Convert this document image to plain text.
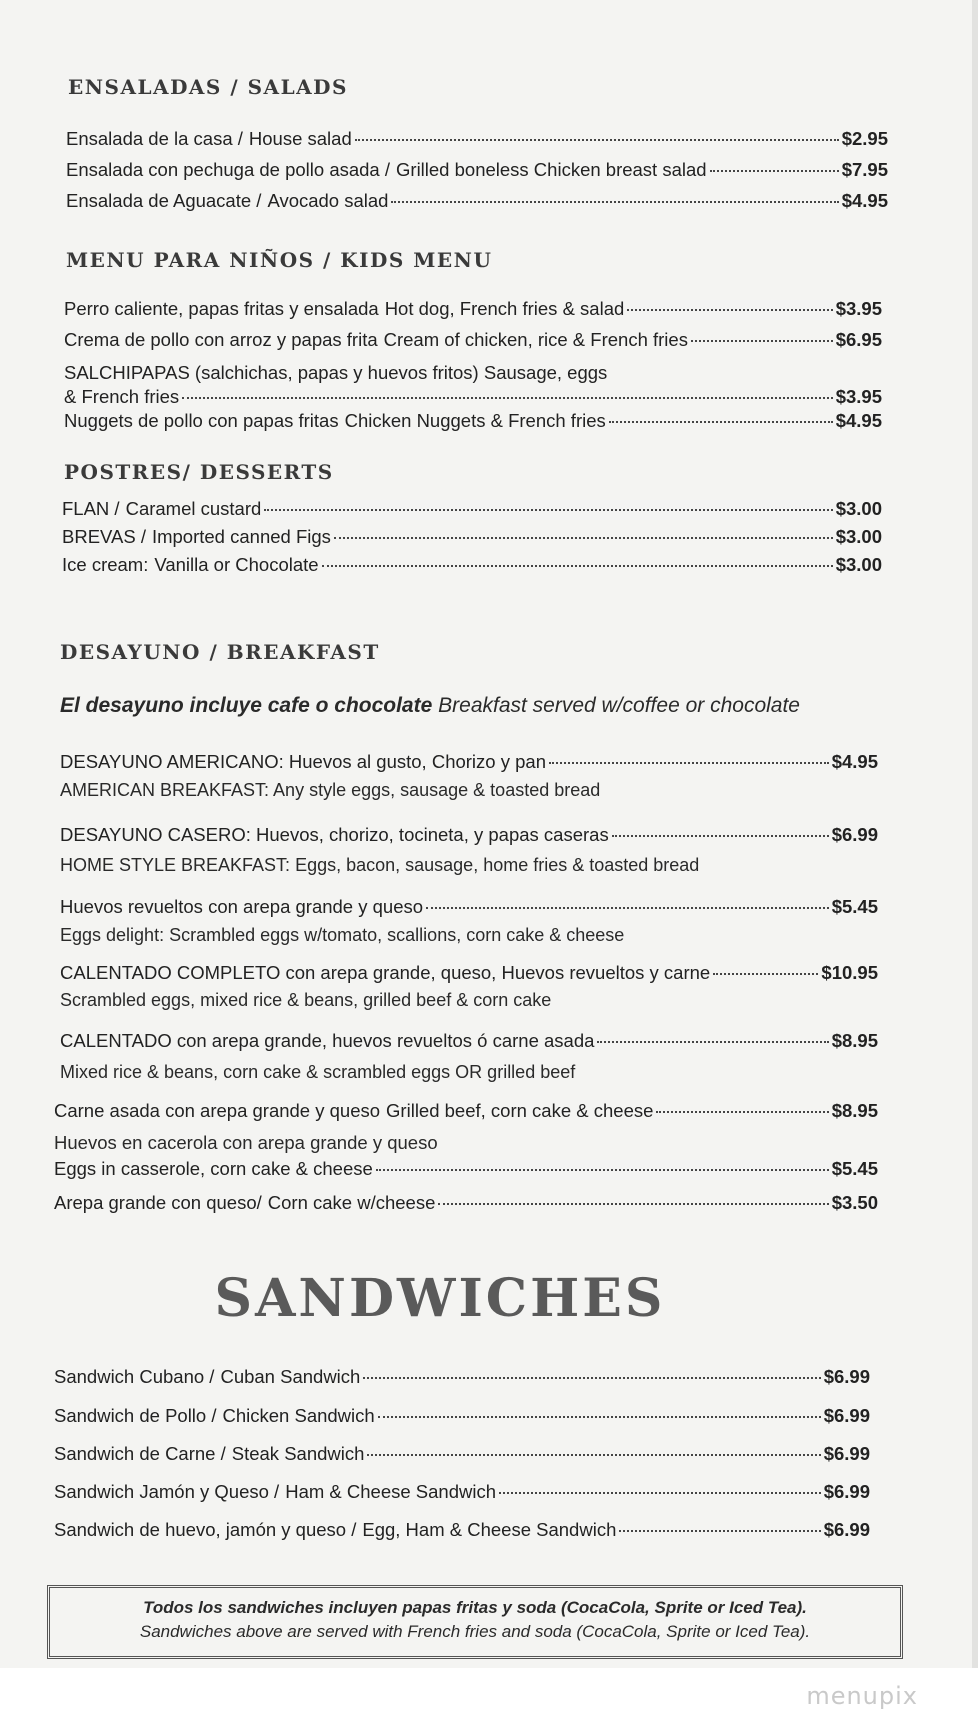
ENSALADAS / SALADS
Ensalada de la casa / House salad	$2.95
Ensalada con pechuga de pollo asada / Grilled boneless Chicken breast salad	$7.95
Ensalada de Aguacate / Avocado salad	$4.95
MENU PARA NIÑOS / KIDS MENU
Perro caliente, papas fritas y ensalada Hot dog, French fries & salad	$3.95
Crema de pollo con arroz y papas frita Cream of chicken, rice & French fries	$6.95
SALCHIPAPAS (salchichas, papas y huevos fritos) Sausage, eggs
& French fries	$3.95
Nuggets de pollo con papas fritas Chicken Nuggets & French fries	$4.95
POSTRES/ DESSERTS
FLAN / Caramel custard	$3.00
BREVAS / Imported canned Figs	$3.00
Ice cream: Vanilla or Chocolate	$3.00
DESAYUNO / BREAKFAST
El desayuno incluye cafe o chocolate Breakfast served w/coffee or chocolate
DESAYUNO AMERICANO: Huevos al gusto, Chorizo y pan	$4.95
AMERICAN BREAKFAST: Any style eggs, sausage & toasted bread
DESAYUNO CASERO: Huevos, chorizo, tocineta, y papas caseras	$6.99
HOME STYLE BREAKFAST: Eggs, bacon, sausage, home fries & toasted bread
Huevos revueltos con arepa grande y queso	$5.45
Eggs delight: Scrambled eggs w/tomato, scallions, corn cake & cheese
CALENTADO COMPLETO con arepa grande, queso, Huevos revueltos y carne	$10.95
Scrambled eggs, mixed rice & beans, grilled beef & corn cake
CALENTADO con arepa grande, huevos revueltos ó carne asada	$8.95
Mixed rice & beans, corn cake & scrambled eggs OR grilled beef
Carne asada con arepa grande y queso Grilled beef, corn cake & cheese	$8.95
Huevos en cacerola con arepa grande y queso
Eggs in casserole, corn cake & cheese	$5.45
Arepa grande con queso/ Corn cake w/cheese	$3.50
SANDWICHES
Sandwich Cubano / Cuban Sandwich	$6.99
Sandwich de Pollo / Chicken Sandwich	$6.99
Sandwich de Carne / Steak Sandwich	$6.99
Sandwich Jamón y Queso / Ham & Cheese Sandwich	$6.99
Sandwich de huevo, jamón y queso / Egg, Ham & Cheese Sandwich	$6.99
Todos los sandwiches incluyen papas fritas y soda (CocaCola, Sprite or Iced Tea).
Sandwiches above are served with French fries and soda (CocaCola, Sprite or Iced Tea).
menupix
